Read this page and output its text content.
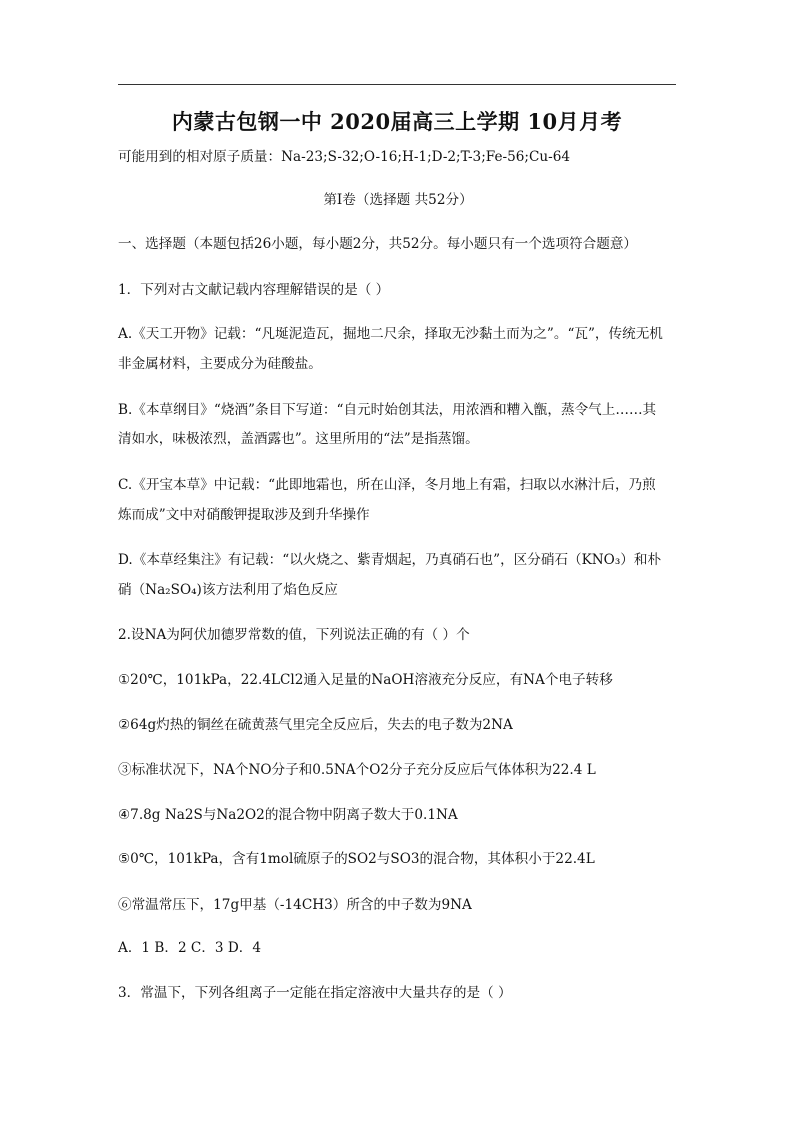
内蒙古包钢一中 2020届高三上学期 10月月考
可能用到的相对原子质量：Na-23;S-32;O-16;H-1;D-2;T-3;Fe-56;Cu-64
第Ⅰ卷（选择题 共52分）
一、选择题（本题包括26小题，每小题2分，共52分。每小题只有一个选项符合题意）
1．下列对古文献记载内容理解错误的是（ ）
A.《天工开物》记载：“凡埏泥造瓦，掘地二尺余，择取无沙黏土而为之”。“瓦”，传统无机
非金属材料，主要成分为硅酸盐。
B.《本草纲目》“烧酒”条目下写道：“自元时始创其法，用浓酒和糟入甑，蒸令气上……其
清如水，味极浓烈，盖酒露也”。这里所用的“法”是指蒸馏。
C.《开宝本草》中记载：“此即地霜也，所在山泽，冬月地上有霜，扫取以水淋汁后，乃煎
炼而成”文中对硝酸钾提取涉及到升华操作
D.《本草经集注》有记载：“以火烧之、紫青烟起，乃真硝石也”，区分硝石（KNO₃）和朴
硝（Na₂SO₄)该方法利用了焰色反应
2.设NA为阿伏加德罗常数的值，下列说法正确的有（ ）个
①20℃，101kPa，22.4LCl2通入足量的NaOH溶液充分反应，有NA个电子转移
②64g灼热的铜丝在硫黄蒸气里完全反应后，失去的电子数为2NA
③标准状况下，NA个NO分子和0.5NA个O2分子充分反应后气体体积为22.4 L
④7.8g Na2S与Na2O2的混合物中阴离子数大于0.1NA
⑤0℃，101kPa，含有1mol硫原子的SO2与SO3的混合物，其体积小于22.4L
⑥常温常压下，17g甲基（-14CH3）所含的中子数为9NA
A．1 B．2 C．3 D．4
3．常温下，下列各组离子一定能在指定溶液中大量共存的是（ ）
